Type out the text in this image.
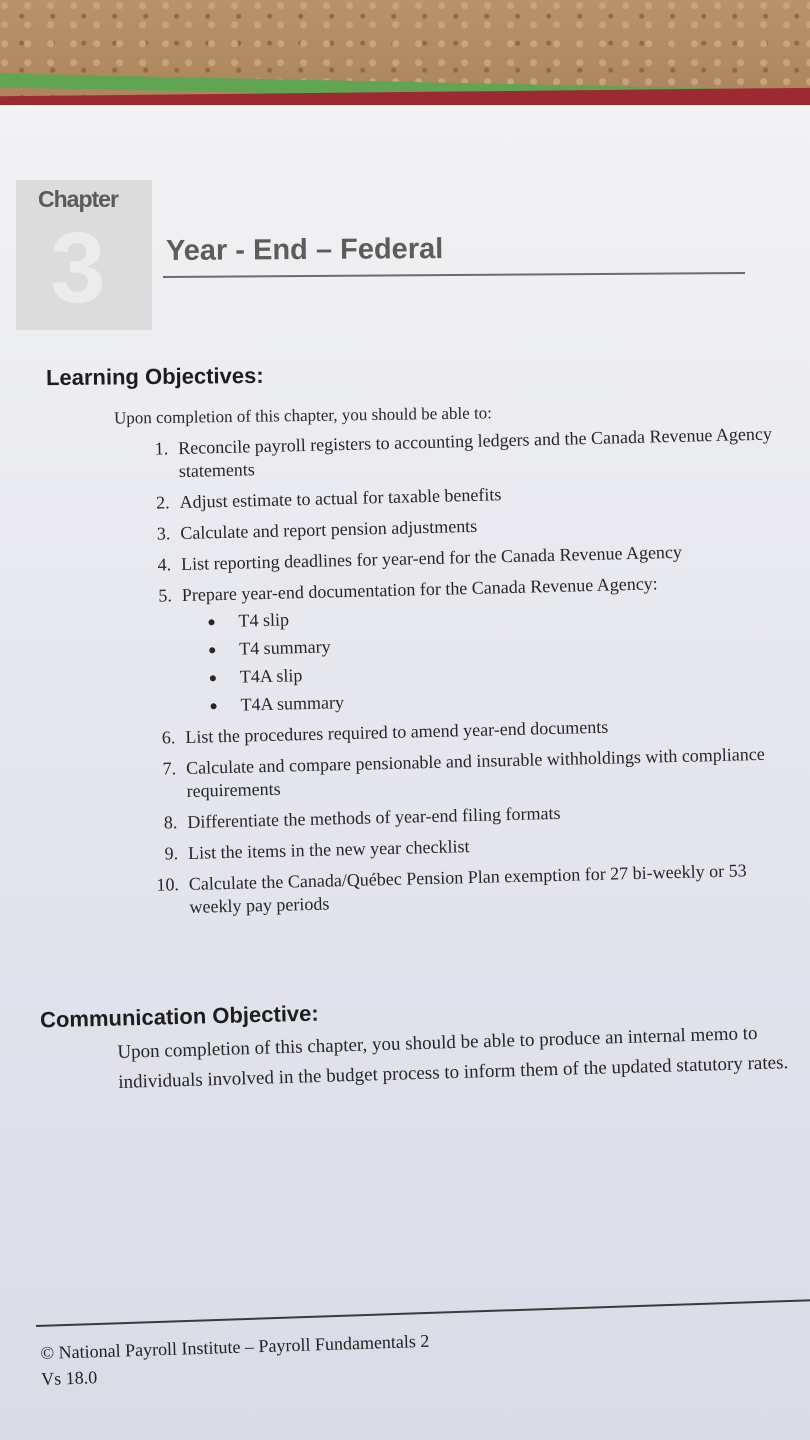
Chapter
3 Year - End – Federal
Learning Objectives:
Upon completion of this chapter, you should be able to:
1. Reconcile payroll registers to accounting ledgers and the Canada Revenue Agency statements
2. Adjust estimate to actual for taxable benefits
3. Calculate and report pension adjustments
4. List reporting deadlines for year-end for the Canada Revenue Agency
5. Prepare year-end documentation for the Canada Revenue Agency:
T4 slip
T4 summary
T4A slip
T4A summary
6. List the procedures required to amend year-end documents
7. Calculate and compare pensionable and insurable withholdings with compliance requirements
8. Differentiate the methods of year-end filing formats
9. List the items in the new year checklist
10. Calculate the Canada/Québec Pension Plan exemption for 27 bi-weekly or 53 weekly pay periods
Communication Objective:

Upon completion of this chapter, you should be able to produce an internal memo to individuals involved in the budget process to inform them of the updated statutory rates.

© National Payroll Institute – Payroll Fundamentals 2
Vs 18.0
